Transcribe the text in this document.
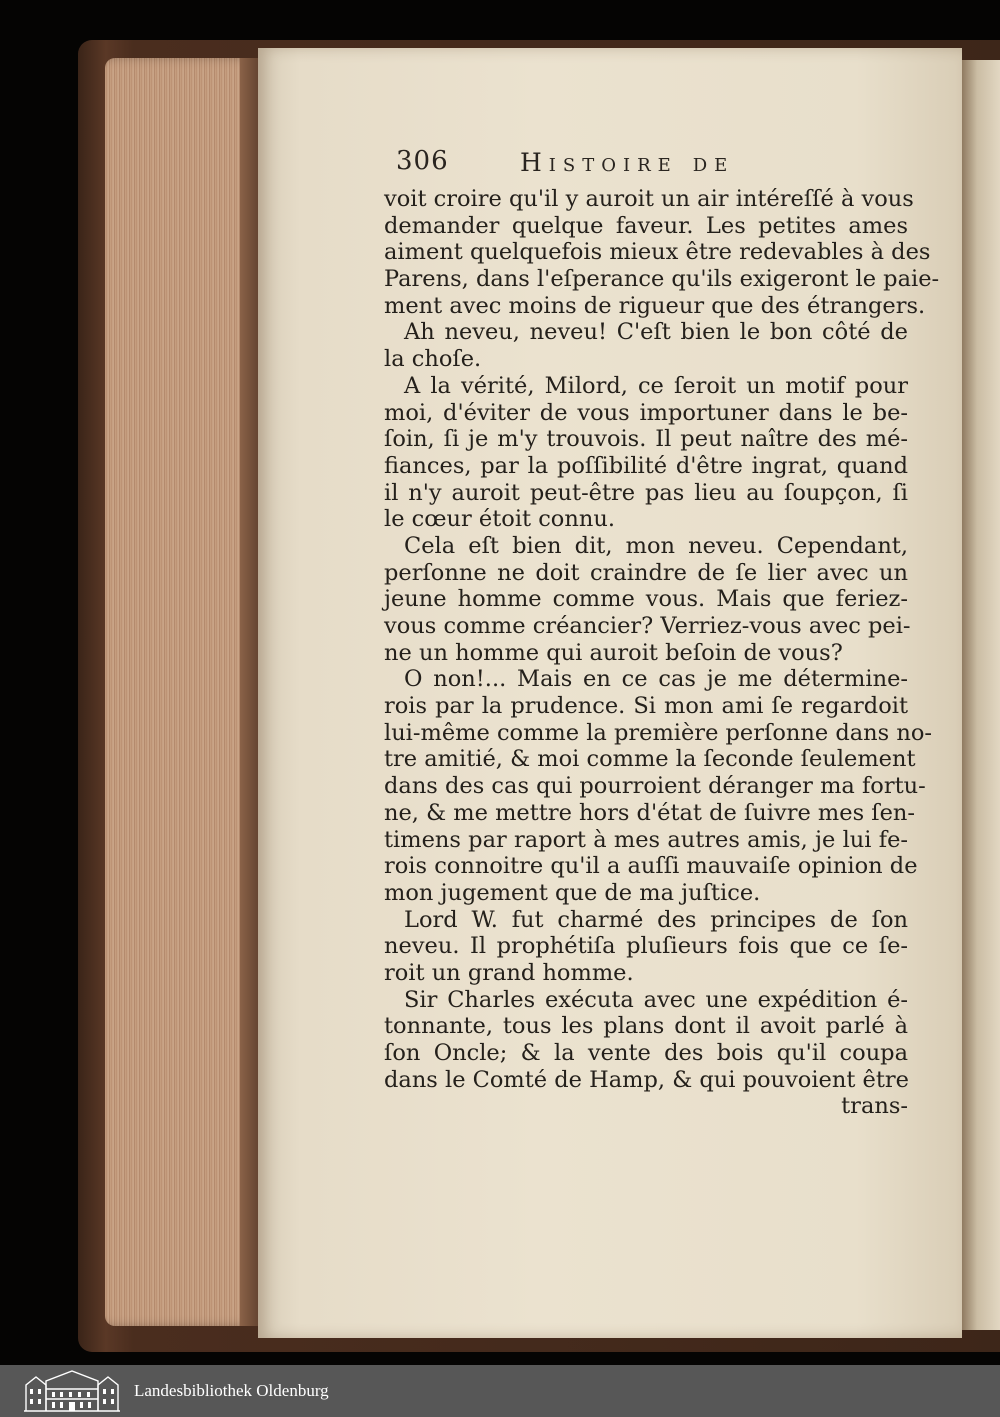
306	Histoire de
voit croire qu'il y auroit un air intéreſſé à vous
demander quelque faveur. Les petites ames
aiment quelquefois mieux être redevables à des
Parens, dans l'eſperance qu'ils exigeront le paie-
ment avec moins de rigueur que des étrangers.
Ah neveu, neveu! C'eſt bien le bon côté de
la choſe.
A la vérité, Milord, ce ſeroit un motif pour
moi, d'éviter de vous importuner dans le be-
ſoin, ſi je m'y trouvois. Il peut naître des mé-
fiances, par la poſſibilité d'être ingrat, quand
il n'y auroit peut-être pas lieu au ſoupçon, ſi
le cœur étoit connu.
Cela eſt bien dit, mon neveu. Cependant,
perſonne ne doit craindre de ſe lier avec un
jeune homme comme vous. Mais que feriez-
vous comme créancier? Verriez-vous avec pei-
ne un homme qui auroit beſoin de vous?
O non!... Mais en ce cas je me détermine-
rois par la prudence. Si mon ami ſe regardoit
lui-même comme la première perſonne dans no-
tre amitié, & moi comme la ſeconde ſeulement
dans des cas qui pourroient déranger ma fortu-
ne, & me mettre hors d'état de ſuivre mes ſen-
timens par raport à mes autres amis, je lui fe-
rois connoitre qu'il a auſſi mauvaiſe opinion de
mon jugement que de ma juſtice.
Lord W. fut charmé des principes de ſon
neveu. Il prophétiſa pluſieurs fois que ce ſe-
roit un grand homme.
Sir Charles exécuta avec une expédition é-
tonnante, tous les plans dont il avoit parlé à
ſon Oncle; & la vente des bois qu'il coupa
dans le Comté de Hamp, & qui pouvoient être
trans-
Landesbibliothek Oldenburg
